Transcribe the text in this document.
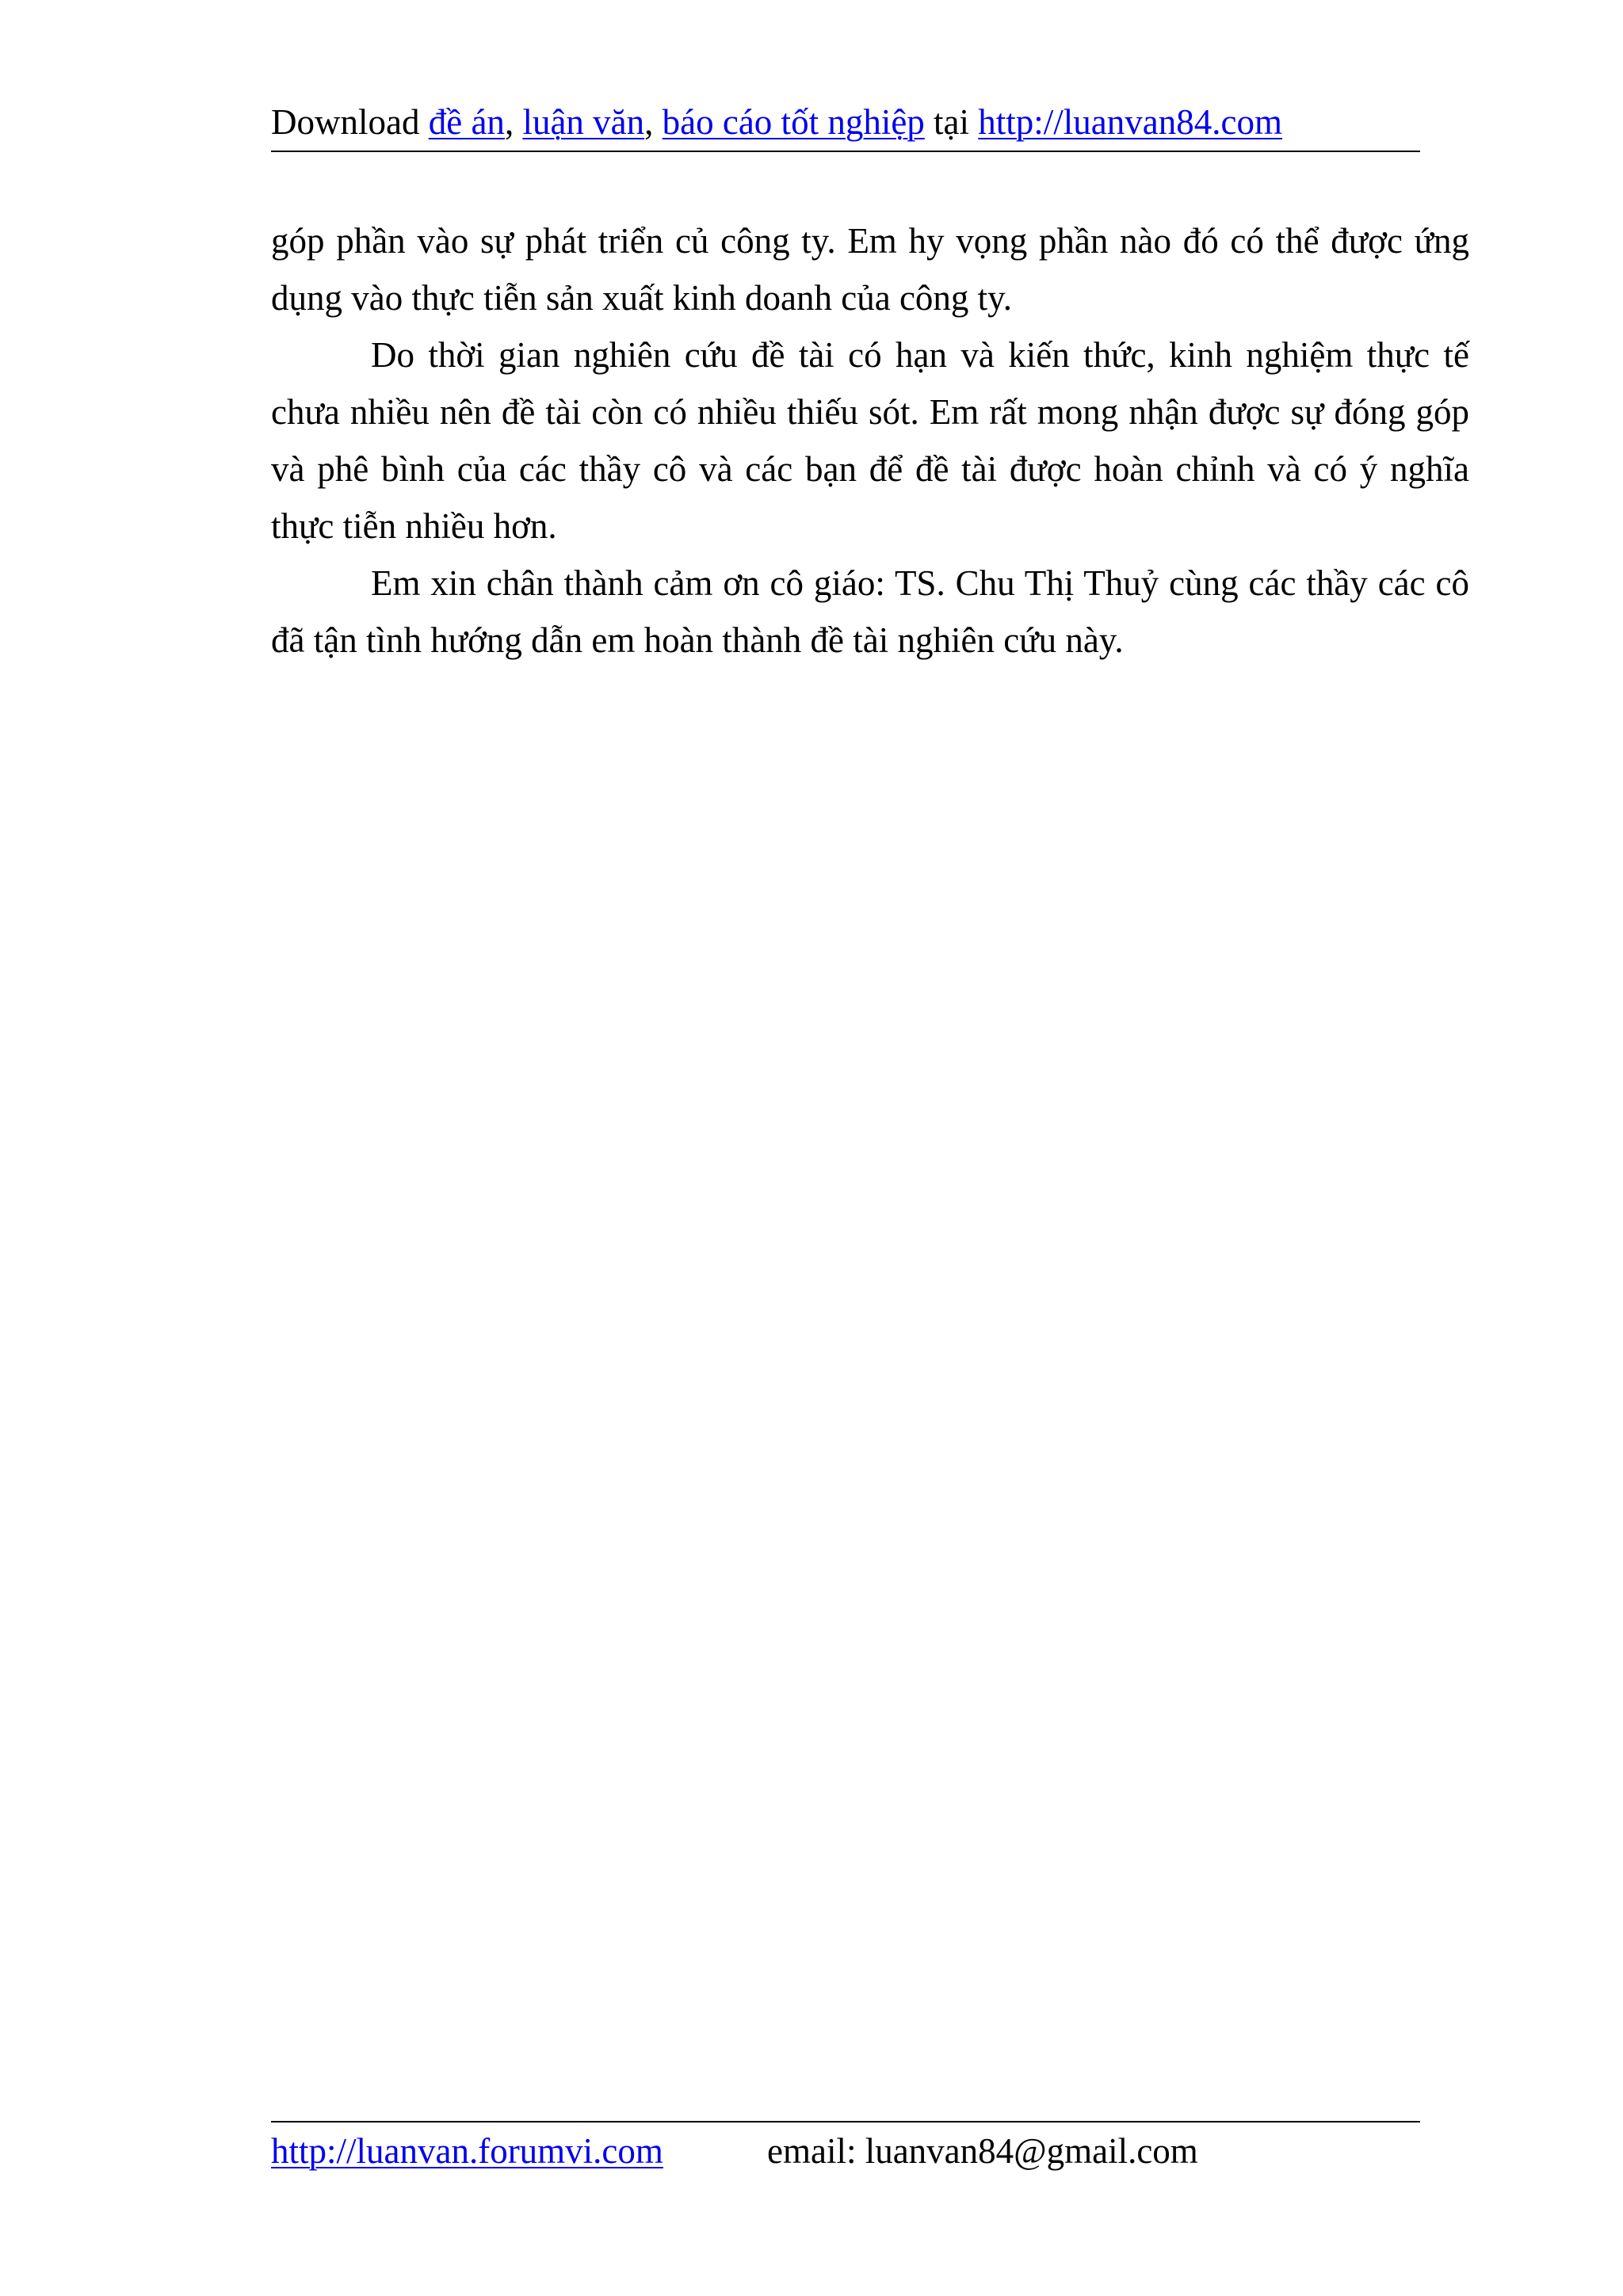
Download đề án, luận văn, báo cáo tốt nghiệp tại http://luanvan84.com

góp phần vào sự phát triển củ công ty. Em hy vọng phần nào đó có thể được ứng dụng vào thực tiễn sản xuất kinh doanh của công ty.

Do thời gian nghiên cứu đề tài có hạn và kiến thức, kinh nghiệm thực tế chưa nhiều nên đề tài còn có nhiều thiếu sót. Em rất mong nhận được sự đóng góp và phê bình của các thầy cô và các bạn để đề tài được hoàn chỉnh và có ý nghĩa thực tiễn nhiều hơn.

Em xin chân thành cảm ơn cô giáo: TS. Chu Thị Thuỷ cùng các thầy các cô đã tận tình hướng dẫn em hoàn thành đề tài nghiên cứu này.

http://luanvan.forumvi.com	email: luanvan84@gmail.com
